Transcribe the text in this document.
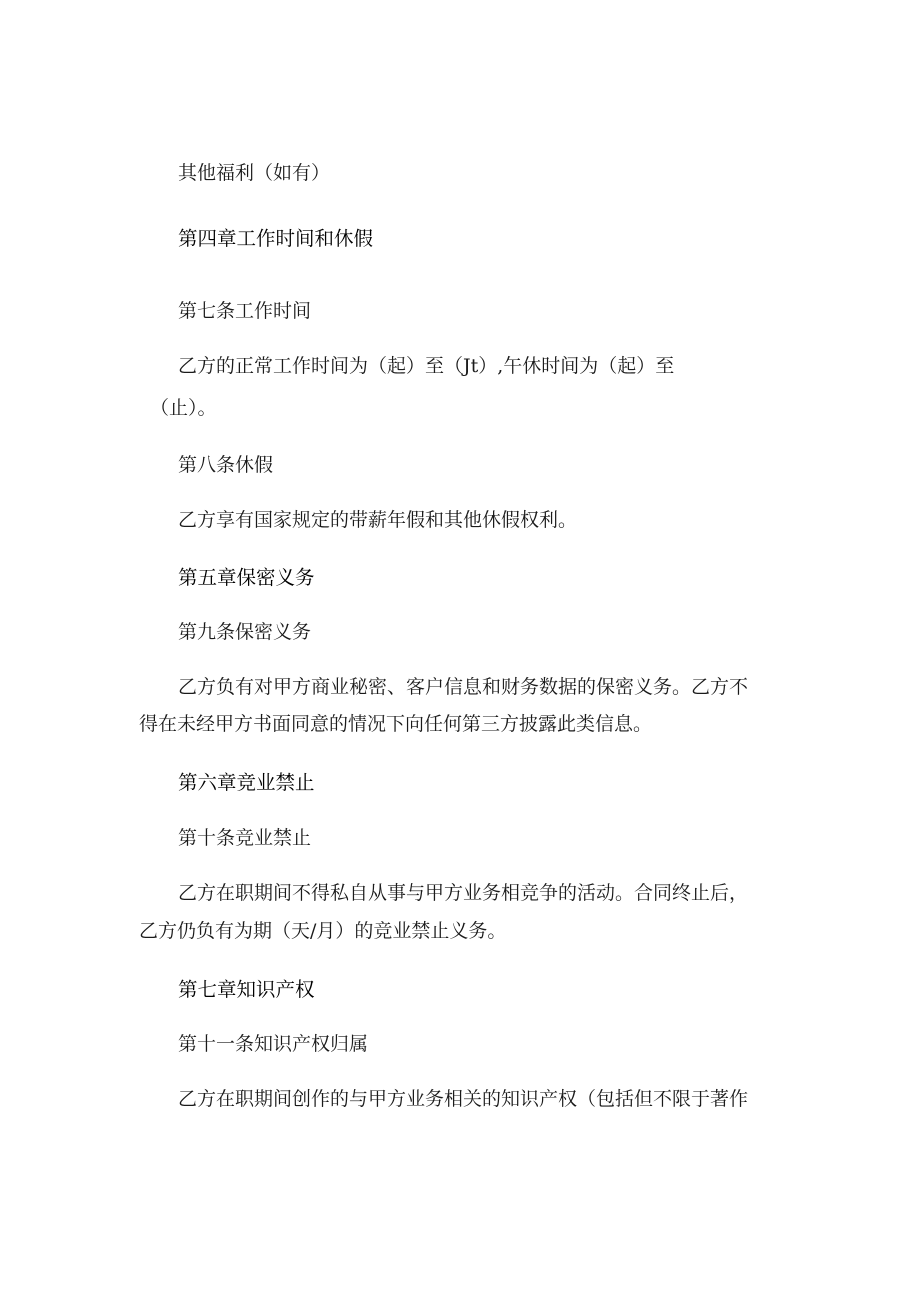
其他福利（如有）

第四章工作时间和休假

第七条工作时间

乙方的正常工作时间为（起）至（Jt）,午休时间为（起）至

（止）。

第八条休假

乙方享有国家规定的带薪年假和其他休假权利。

第五章保密义务

第九条保密义务

乙方负有对甲方商业秘密、客户信息和财务数据的保密义务。乙方不

得在未经甲方书面同意的情况下向任何第三方披露此类信息。

第六章竞业禁止

第十条竞业禁止

乙方在职期间不得私自从事与甲方业务相竞争的活动。合同终止后，

乙方仍负有为期（天/月）的竞业禁止义务。

第七章知识产权

第十一条知识产权归属

乙方在职期间创作的与甲方业务相关的知识产权（包括但不限于著作
